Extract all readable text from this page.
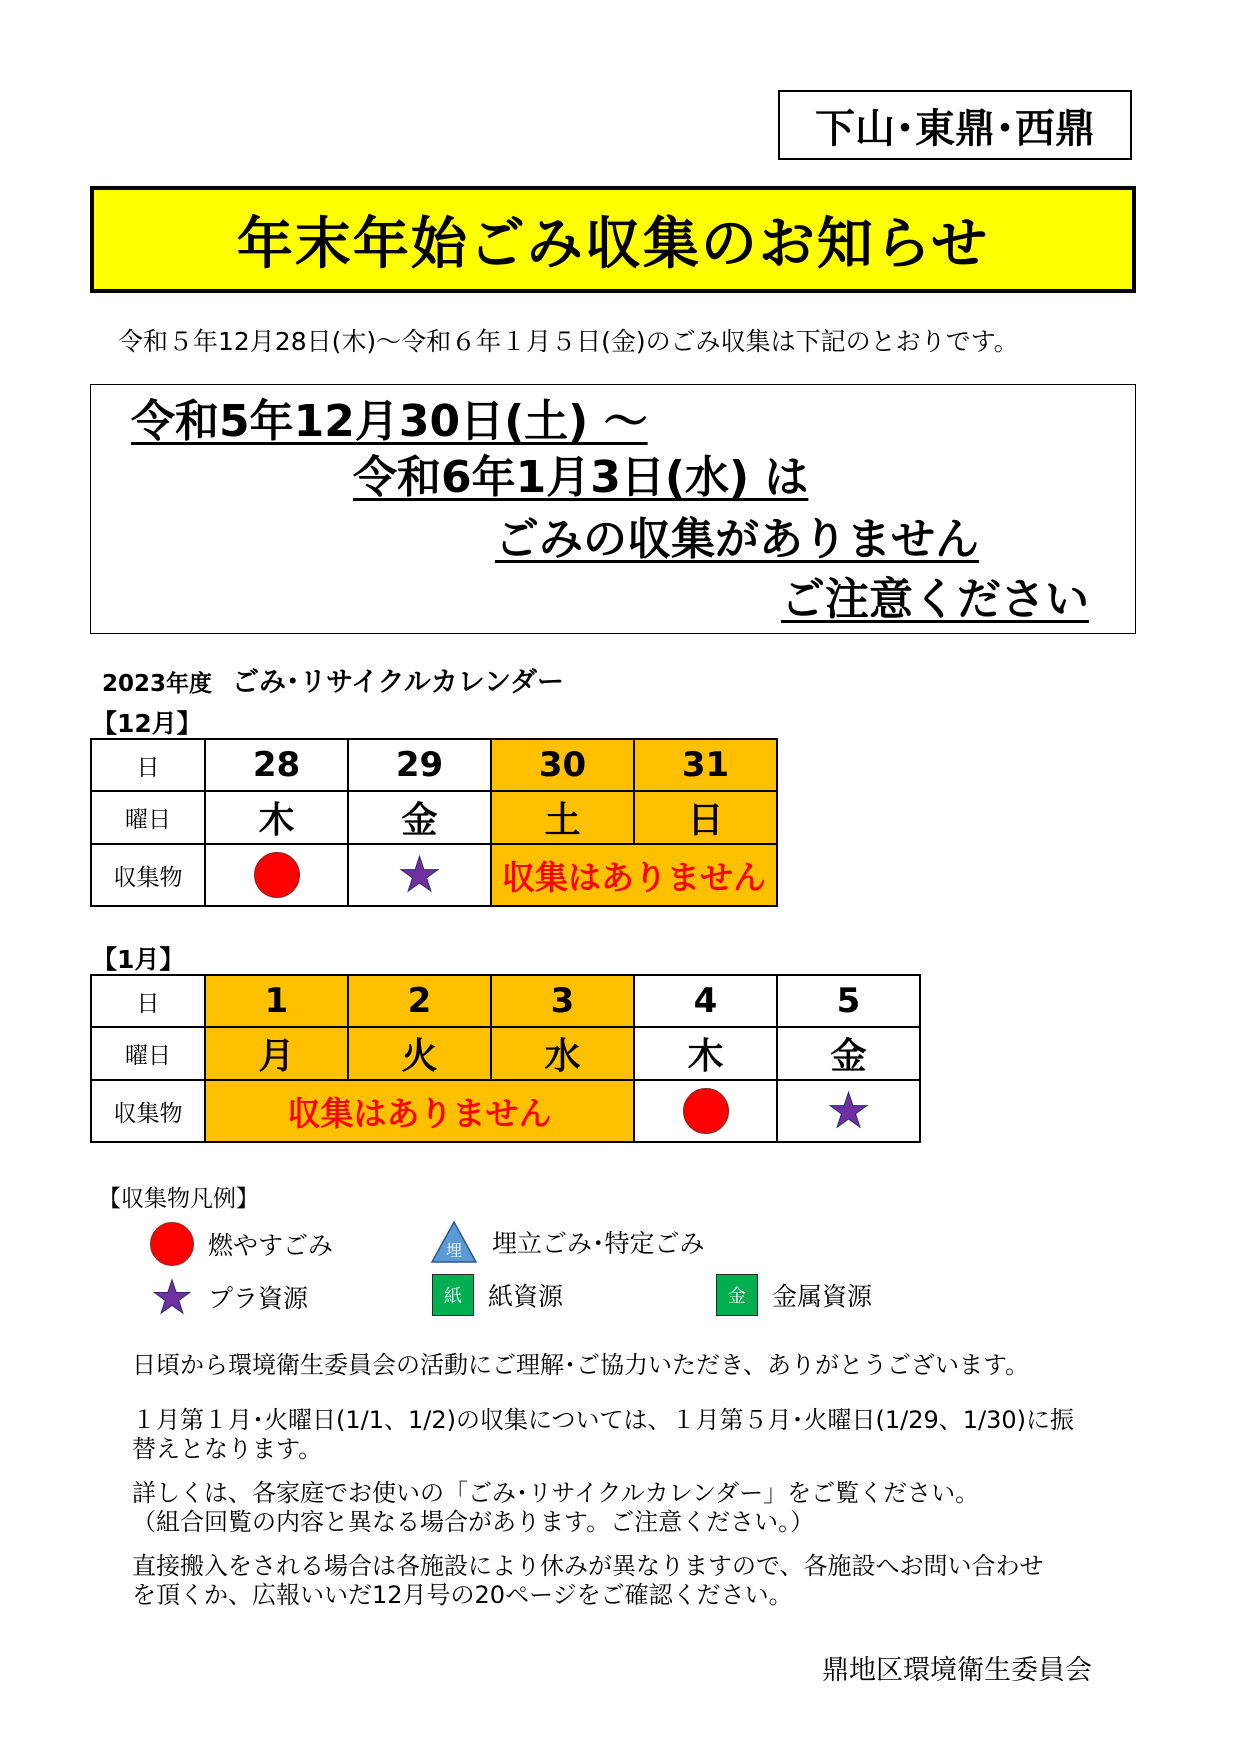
下山･東鼎･西鼎
年末年始ごみ収集のお知らせ
令和５年12月28日(木)～令和６年１月５日(金)のごみ収集は下記のとおりです。
令和5年12月30日(土) ～
令和6年1月3日(水) は
ごみの収集がありません
ご注意ください
2023年度 ごみ･リサイクルカレンダー
【12月】
日	28	29	30	31
曜日	木	金	土	日
収集物		★	収集はありません	
【1月】
日	1	2	3	4	5
曜日	月	火	水	木	金
収集物	収集はありません				★
【収集物凡例】
燃やすごみ	埋	埋立ごみ･特定ごみ
★ プラ資源	紙	紙資源	金	金属資源
日頃から環境衛生委員会の活動にご理解･ご協力いただき、ありがとうございます。
１月第１月･火曜日(1/1、1/2)の収集については、１月第５月･火曜日(1/29、1/30)に振
替えとなります。
詳しくは、各家庭でお使いの「ごみ･リサイクルカレンダー」をご覧ください。
（組合回覧の内容と異なる場合があります。ご注意ください。）
直接搬入をされる場合は各施設により休みが異なりますので、各施設へお問い合わせ
を頂くか、広報いいだ12月号の20ページをご確認ください。
鼎地区環境衛生委員会
